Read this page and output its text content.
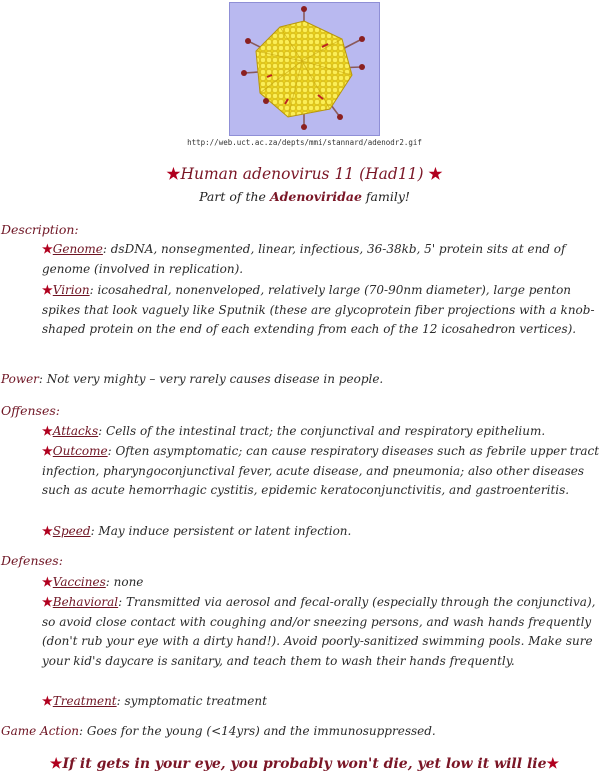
http://web.uct.ac.za/depts/mmi/stannard/adenodr2.gif
★Human adenovirus 11 (Had11) ★
Part of the Adenoviridae family!
Description:
★Genome: dsDNA, nonsegmented, linear, infectious, 36-38kb, 5' protein sits at end of genome (involved in replication).
★Virion: icosahedral, nonenveloped, relatively large (70-90nm diameter), large penton spikes that look vaguely like Sputnik (these are glycoprotein fiber projections with a knob-shaped protein on the end of each extending from each of the 12 icosahedron vertices).
Power: Not very mighty – very rarely causes disease in people.
Offenses:
★Attacks: Cells of the intestinal tract; the conjunctival and respiratory epithelium.
★Outcome: Often asymptomatic; can cause respiratory diseases such as febrile upper tract infection, pharyngoconjunctival fever, acute disease, and pneumonia; also other diseases such as acute hemorrhagic cystitis, epidemic keratoconjunctivitis, and gastroenteritis.
★Speed: May induce persistent or latent infection.
Defenses:
★Vaccines: none
★Behavioral: Transmitted via aerosol and fecal-orally (especially through the conjunctiva), so avoid close contact with coughing and/or sneezing persons, and wash hands frequently (don't rub your eye with a dirty hand!). Avoid poorly-sanitized swimming pools. Make sure your kid's daycare is sanitary, and teach them to wash their hands frequently.
★Treatment: symptomatic treatment
Game Action: Goes for the young (<14yrs) and the immunosuppressed.
★If it gets in your eye, you probably won't die, yet low it will lie★
